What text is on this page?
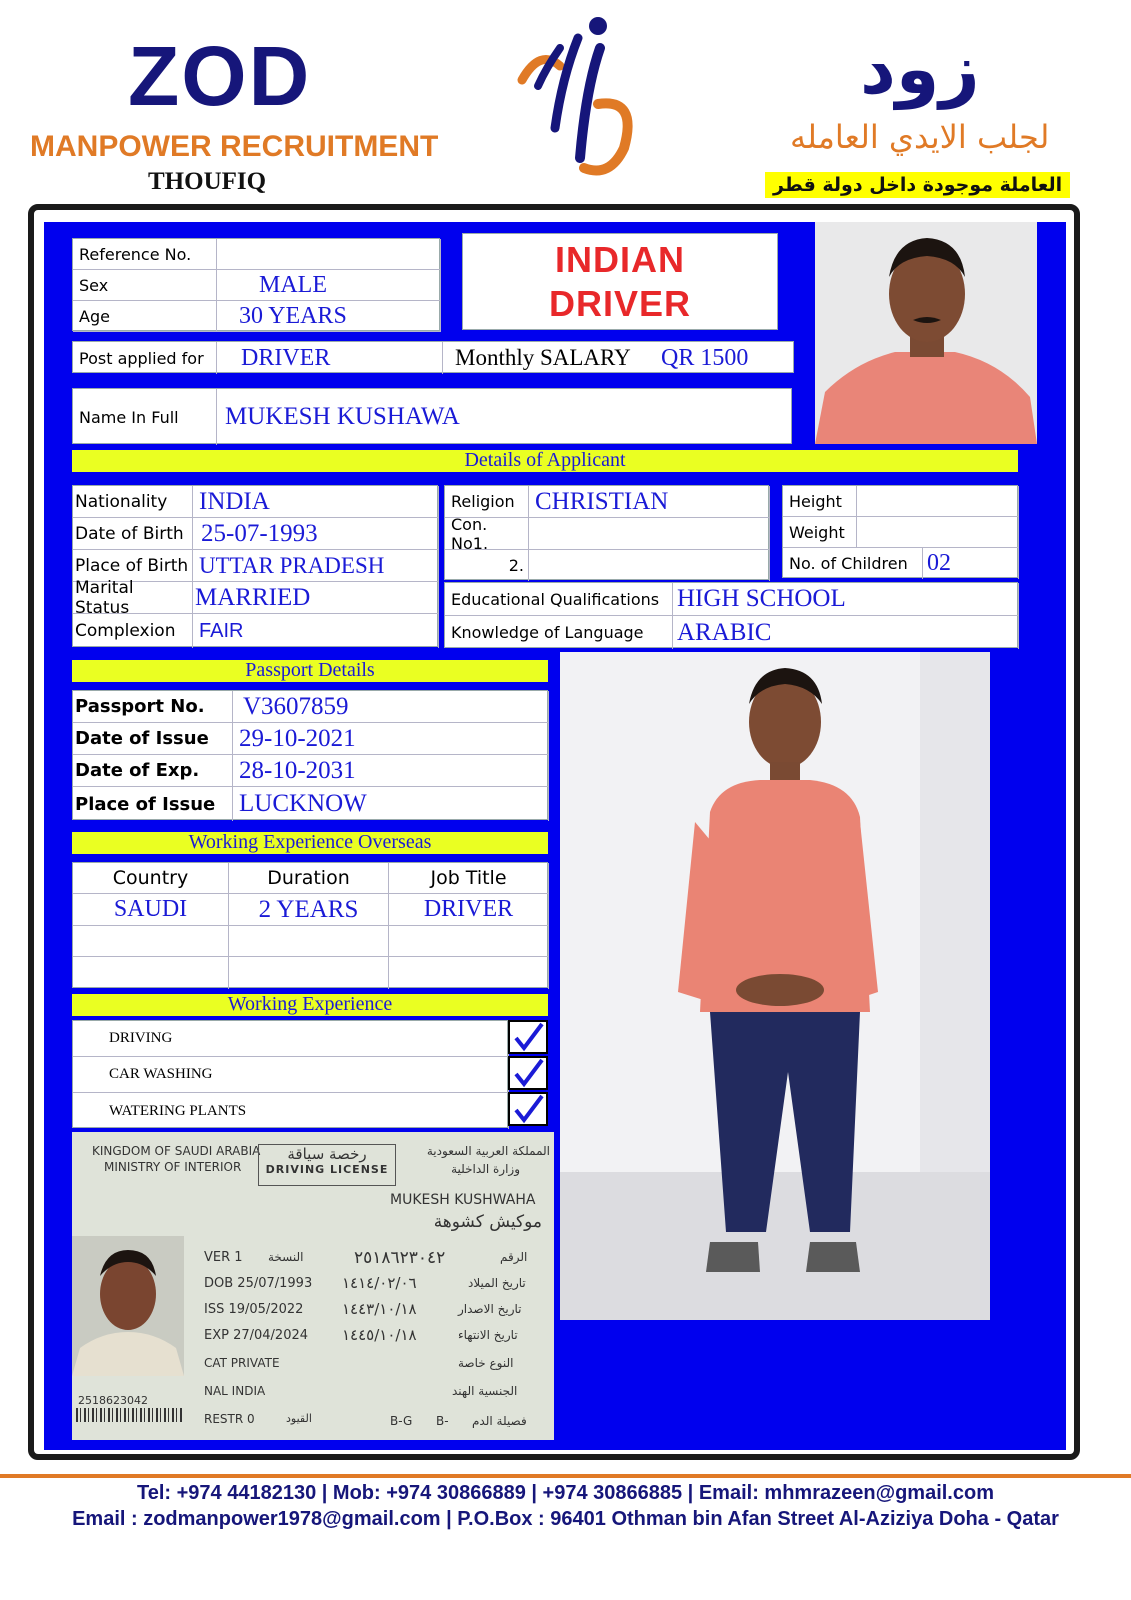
ZOD
MANPOWER RECRUITMENT
THOUFIQ
زود
لجلب الايدي العامله
العاملة موجودة داخل دولة قطر
Reference No.
Sex	MALE
Age	30 YEARS
INDIAN
DRIVER
Post applied for	DRIVER	Monthly SALARY	QR 1500
Name In Full	MUKESH KUSHAWA
Details of Applicant
Nationality	INDIA
Date of Birth 25-07-1993
Place of Birth UTTAR PRADESH
Marital Status	MARRIED
Complexion	FAIR
Religion CHRISTIAN
Con. No1.
2.
Height
Weight
No. of Children 02
Educational Qualifications HIGH SCHOOL
Knowledge of Language	ARABIC
Passport Details
Passport No.	V3607859
Date of Issue	29-10-2021
Date of Exp.	28-10-2031
Place of Issue LUCKNOW
Working Experience Overseas
Country	Duration	Job Title
SAUDI	2 YEARS	DRIVER
Working Experience
DRIVING
CAR WASHING
WATERING PLANTS
KINGDOM OF SAUDI ARABIA
MINISTRY OF INTERIOR
رخصة سياقة
DRIVING LICENSE
المملكة العربية السعودية
وزارة الداخلية
MUKESH KUSHWAHA
موكيش كشوهة
2518623042
VER 1 النسخة
DOB 25/07/1993
ISS 19/05/2022
EXP 27/04/2024
CAT PRIVATE
NAL INDIA
RESTR 0	القيود
٢٥١٨٦٢٣٠٤٢	الرقم
١٤١٤/٠٢/٠٦	تاريخ الميلاد
١٤٤٣/١٠/١٨	تاريخ الاصدار
١٤٤٥/١٠/١٨	تاريخ الانتهاء
النوع خاصة
الجنسية الهند
B-G B- فصيلة الدم
Tel: +974 44182130 | Mob: +974 30866889 | +974 30866885 | Email: mhmrazeen@gmail.com
Email : zodmanpower1978@gmail.com | P.O.Box : 96401 Othman bin Afan Street Al-Aziziya Doha - Qatar
